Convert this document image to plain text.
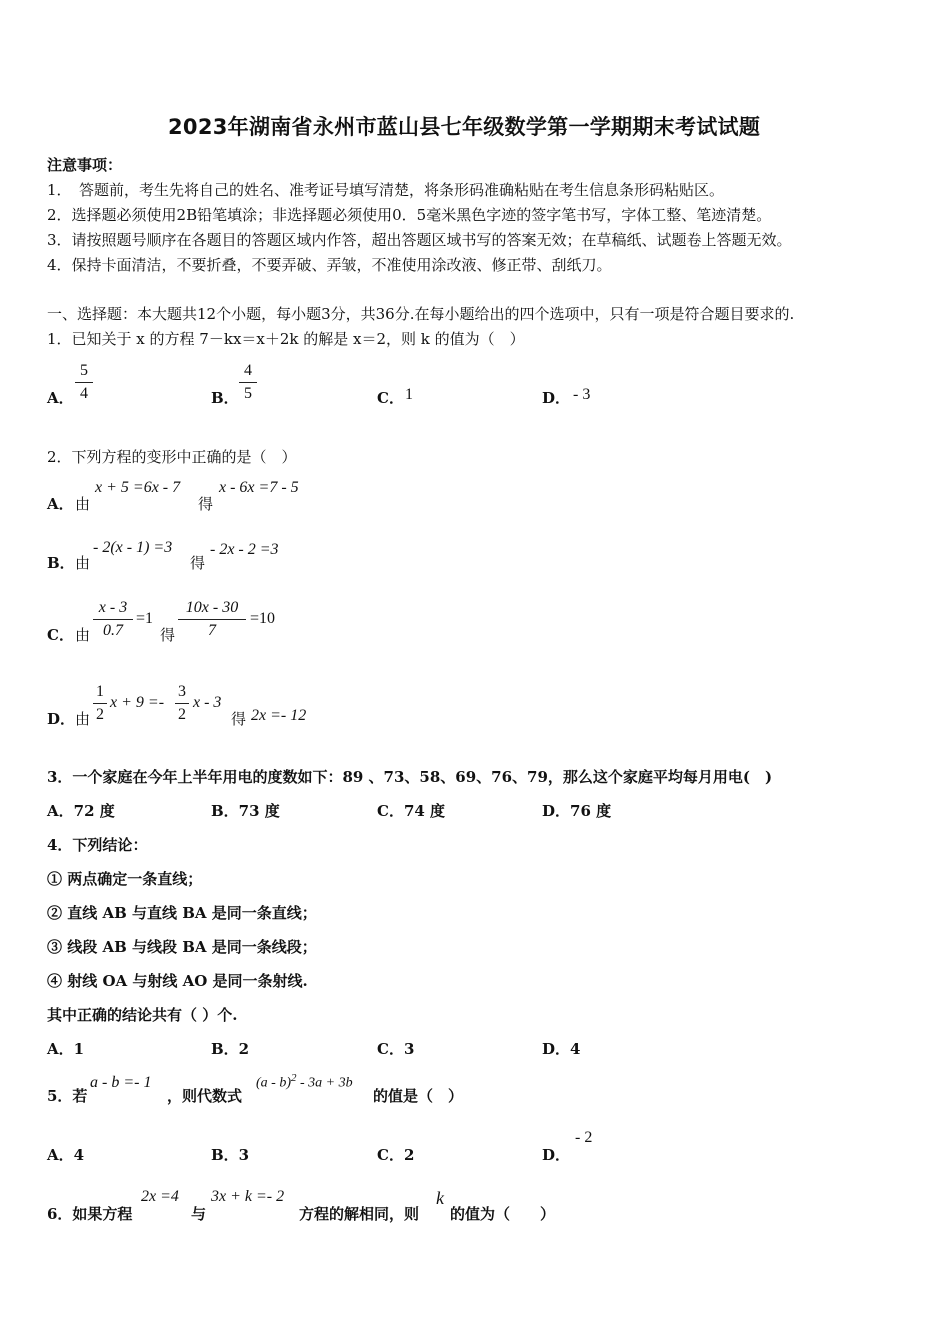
2023年湖南省永州市蓝山县七年级数学第一学期期末考试试题
注意事项：
1．　答题前，考生先将自己的姓名、准考证号填写清楚，将条形码准确粘贴在考生信息条形码粘贴区。
2．选择题必须使用2B铅笔填涂；非选择题必须使用0．5毫米黑色字迹的签字笔书写，字体工整、笔迹清楚。
3．请按照题号顺序在各题目的答题区域内作答，超出答题区域书写的答案无效；在草稿纸、试题卷上答题无效。
4．保持卡面清洁，不要折叠，不要弄破、弄皱，不准使用涂改液、修正带、刮纸刀。
一、选择题：本大题共12个小题，每小题3分，共36分.在每小题给出的四个选项中，只有一项是符合题目要求的.
1．已知关于 x 的方程 7－kx＝x＋2k 的解是 x＝2，则 k 的值为（　）
A．
5
4	B．
4
5	C． 1	D． - 3
2．下列方程的变形中正确的是（　）
A． 由
x + 5 =6x - 7
得
x - 6x =7 - 5
B． 由
- 2(x - 1) =3
得
- 2x - 2 =3
C． 由
x - 3
0.7
=1
得
10x - 30
7
=10
D． 由
1
2
x + 9 =-
3
2
x - 3
得 2x =- 12
3．一个家庭在今年上半年用电的度数如下：89 、73、58、69、76、79，那么这个家庭平均每月用电(　)
A．72 度	B．73 度	C．74 度	D．76 度
4．下列结论：
① 两点确定一条直线；
② 直线 AB 与直线 BA 是同一条直线；
③ 线段 AB 与线段 BA 是同一条线段；
④ 射线 OA 与射线 AO 是同一条射线.
其中正确的结论共有（ ）个.
A．1	B．2	C．3	D．4
5．若
a - b =- 1
，则代数式
(a - b)$^2$ - 3a + 3b
的值是（　）
A．4	B．3	C．2	D．
- 2
6．如果方程
2x =4
与
3x + k =- 2
方程的解相同，则
k
的值为（　　）
